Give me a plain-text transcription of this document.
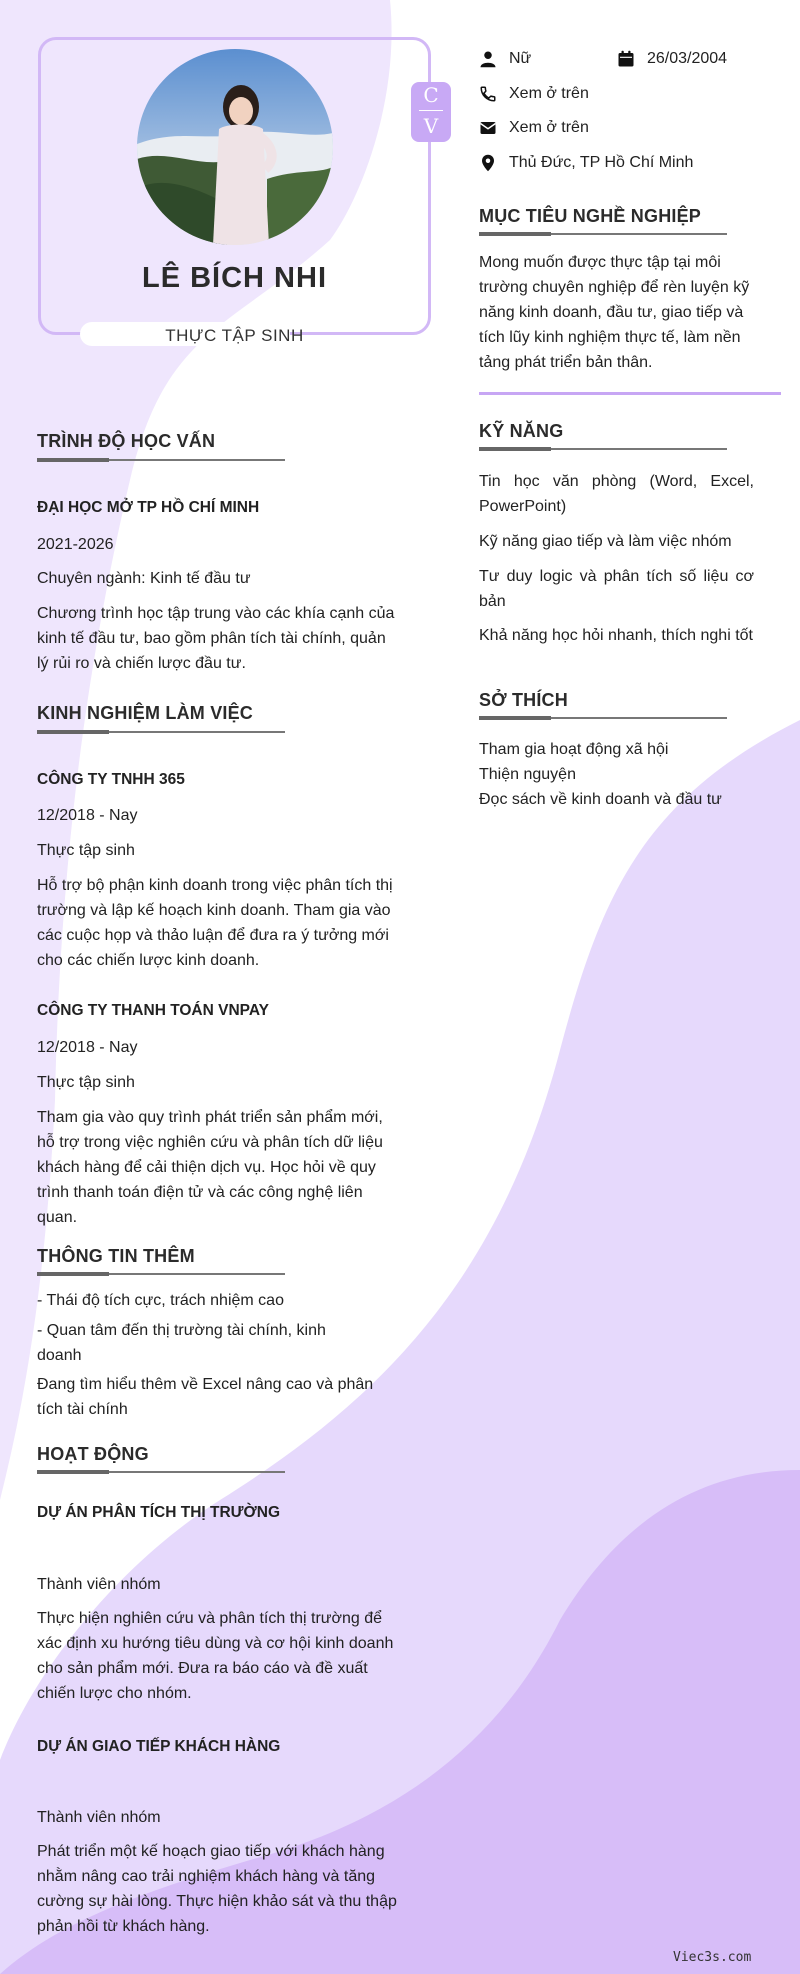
LÊ BÍCH NHI
THỰC TẬP SINH
C
V
Nữ	26/03/2004
Xem ở trên
Xem ở trên
Thủ Đức, TP Hồ Chí Minh
MỤC TIÊU NGHỀ NGHIỆP
Mong muốn được thực tập tại môi trường chuyên nghiệp để rèn luyện kỹ năng kinh doanh, đầu tư, giao tiếp và tích lũy kinh nghiệm thực tế, làm nền tảng phát triển bản thân.
KỸ NĂNG
Tin học văn phòng (Word, Excel, PowerPoint)
Kỹ năng giao tiếp và làm việc nhóm
Tư duy logic và phân tích số liệu cơ bản
Khả năng học hỏi nhanh, thích nghi tốt
SỞ THÍCH
Tham gia hoạt động xã hội
Thiện nguyện
Đọc sách về kinh doanh và đầu tư
TRÌNH ĐỘ HỌC VẤN
ĐẠI HỌC MỞ TP HỒ CHÍ MINH
2021-2026
Chuyên ngành: Kinh tế đầu tư
Chương trình học tập trung vào các khía cạnh của kinh tế đầu tư, bao gồm phân tích tài chính, quản lý rủi ro và chiến lược đầu tư.
KINH NGHIỆM LÀM VIỆC
CÔNG TY TNHH 365
12/2018 - Nay
Thực tập sinh
Hỗ trợ bộ phận kinh doanh trong việc phân tích thị trường và lập kế hoạch kinh doanh. Tham gia vào các cuộc họp và thảo luận để đưa ra ý tưởng mới cho các chiến lược kinh doanh.
CÔNG TY THANH TOÁN VNPAY
12/2018 - Nay
Thực tập sinh
Tham gia vào quy trình phát triển sản phẩm mới, hỗ trợ trong việc nghiên cứu và phân tích dữ liệu khách hàng để cải thiện dịch vụ. Học hỏi về quy trình thanh toán điện tử và các công nghệ liên quan.
THÔNG TIN THÊM
- Thái độ tích cực, trách nhiệm cao
- Quan tâm đến thị trường tài chính, kinh doanh
Đang tìm hiểu thêm về Excel nâng cao và phân tích tài chính
HOẠT ĐỘNG
DỰ ÁN PHÂN TÍCH THỊ TRƯỜNG
Thành viên nhóm
Thực hiện nghiên cứu và phân tích thị trường để xác định xu hướng tiêu dùng và cơ hội kinh doanh cho sản phẩm mới. Đưa ra báo cáo và đề xuất chiến lược cho nhóm.
DỰ ÁN GIAO TIẾP KHÁCH HÀNG
Thành viên nhóm
Phát triển một kế hoạch giao tiếp với khách hàng nhằm nâng cao trải nghiệm khách hàng và tăng cường sự hài lòng. Thực hiện khảo sát và thu thập phản hồi từ khách hàng.
Viec3s.com
